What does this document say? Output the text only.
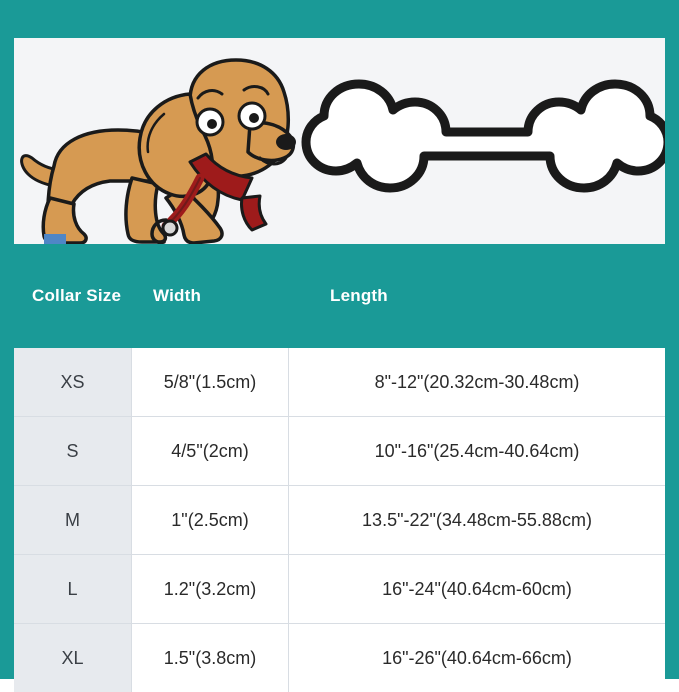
Collar Size	Width	Length
XS	5/8"(1.5cm)	8"-12"(20.32cm-30.48cm)
S	4/5"(2cm)	10"-16"(25.4cm-40.64cm)
M	1"(2.5cm)	13.5"-22"(34.48cm-55.88cm)
L	1.2"(3.2cm)	16"-24"(40.64cm-60cm)
XL	1.5"(3.8cm)	16"-26"(40.64cm-66cm)
